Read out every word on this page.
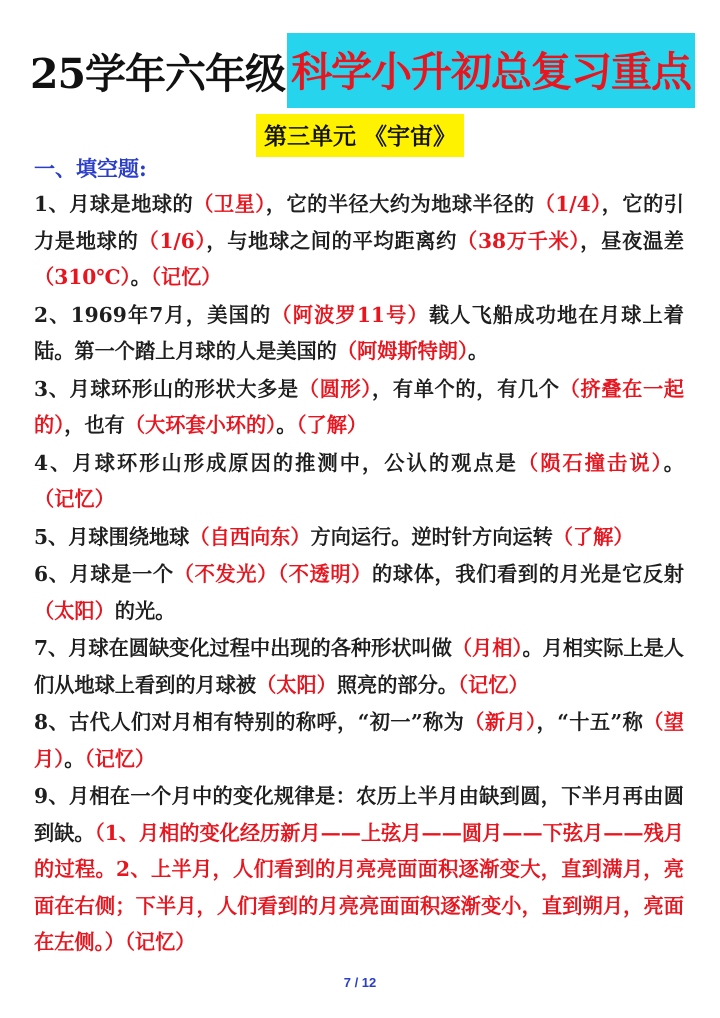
25学年六年级 科学小升初总复习重点
第三单元 《宇宙》
一、填空题:

1、月球是地球的（卫星），它的半径大约为地球半径的（1/4），它的引力是地球的（1/6），与地球之间的平均距离约（38万千米），昼夜温差（310℃）。（记忆）

2、1969年7月，美国的（阿波罗11号）载人飞船成功地在月球上着陆。第一个踏上月球的人是美国的（阿姆斯特朗）。

3、月球环形山的形状大多是（圆形），有单个的，有几个（挤叠在一起的），也有（大环套小环的）。（了解）

4、月球环形山形成原因的推测中，公认的观点是（陨石撞击说）。（记忆）

5、月球围绕地球（自西向东）方向运行。逆时针方向运转（了解）

6、月球是一个（不发光）（不透明）的球体，我们看到的月光是它反射（太阳）的光。

7、月球在圆缺变化过程中出现的各种形状叫做（月相）。月相实际上是人们从地球上看到的月球被（太阳）照亮的部分。（记忆）

8、古代人们对月相有特别的称呼，“初一”称为（新月），“十五”称（望月）。（记忆）

9、月相在一个月中的变化规律是：农历上半月由缺到圆，下半月再由圆到缺。（1、月相的变化经历新月——上弦月——圆月——下弦月——残月的过程。2、上半月，人们看到的月亮亮面面积逐渐变大，直到满月，亮面在右侧；下半月，人们看到的月亮亮面面积逐渐变小，直到朔月，亮面在左侧。）（记忆）

7 / 12
